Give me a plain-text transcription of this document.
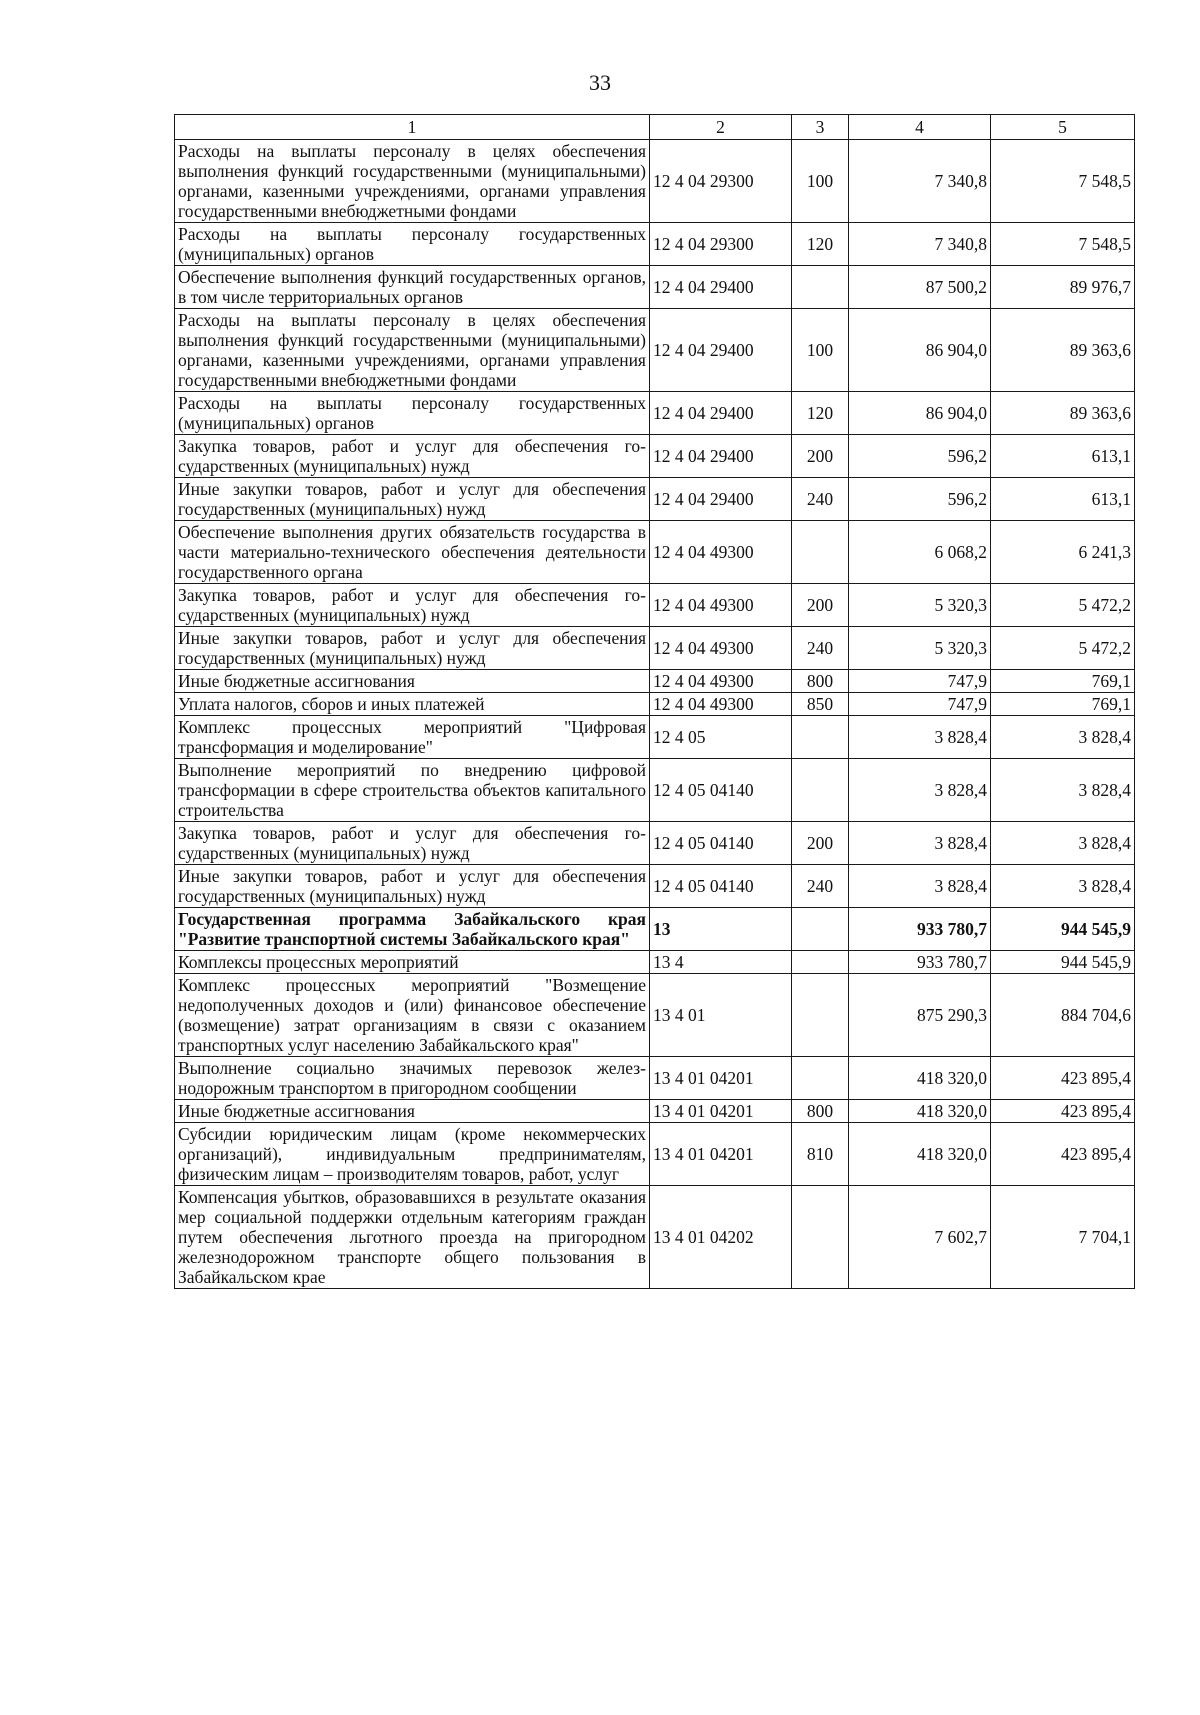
33
1	2	3	4	5
Расходы на выплаты персоналу в целях обеспечения выполнения функций государственными (муниципальными) органами, казенными учреждениями, органами управления государственными внебюджетными фондами	12 4 04 29300	100	7 340,8	7 548,5
Расходы на выплаты персоналу государственных (муниципальных) органов	12 4 04 29300	120	7 340,8	7 548,5
Обеспечение выполнения функций государственных органов, в том числе территориальных органов	12 4 04 29400		87 500,2	89 976,7
Расходы на выплаты персоналу в целях обеспечения выполнения функций государственными (муниципальными) органами, казенными учреждениями, органами управления государственными внебюджетными фондами	12 4 04 29400	100	86 904,0	89 363,6
Расходы на выплаты персоналу государственных (муниципальных) органов	12 4 04 29400	120	86 904,0	89 363,6
Закупка товаров, работ и услуг для обеспечения государственных (муниципальных) нужд	12 4 04 29400	200	596,2	613,1
Иные закупки товаров, работ и услуг для обеспечения государственных (муниципальных) нужд	12 4 04 29400	240	596,2	613,1
Обеспечение выполнения других обязательств государства в части материально-технического обеспечения деятельности государственного органа	12 4 04 49300		6 068,2	6 241,3
Закупка товаров, работ и услуг для обеспечения государственных (муниципальных) нужд	12 4 04 49300	200	5 320,3	5 472,2
Иные закупки товаров, работ и услуг для обеспечения государственных (муниципальных) нужд	12 4 04 49300	240	5 320,3	5 472,2
Иные бюджетные ассигнования	12 4 04 49300	800	747,9	769,1
Уплата налогов, сборов и иных платежей	12 4 04 49300	850	747,9	769,1
Комплекс процессных мероприятий "Цифровая трансформация и моделирование"	12 4 05		3 828,4	3 828,4
Выполнение мероприятий по внедрению цифровой трансформации в сфере строительства объектов капитального строительства	12 4 05 04140		3 828,4	3 828,4
Закупка товаров, работ и услуг для обеспечения государственных (муниципальных) нужд	12 4 05 04140	200	3 828,4	3 828,4
Иные закупки товаров, работ и услуг для обеспечения государственных (муниципальных) нужд	12 4 05 04140	240	3 828,4	3 828,4
Государственная программа Забайкальского края "Развитие транспортной системы Забайкальского края"	13		933 780,7	944 545,9
Комплексы процессных мероприятий	13 4		933 780,7	944 545,9
Комплекс процессных мероприятий "Возмещение недополученных доходов и (или) финансовое обеспечение (возмещение) затрат организациям в связи с оказанием транспортных услуг населению Забайкальского края"	13 4 01		875 290,3	884 704,6
Выполнение социально значимых перевозок железнодорожным транспортом в пригородном сообщении	13 4 01 04201		418 320,0	423 895,4
Иные бюджетные ассигнования	13 4 01 04201	800	418 320,0	423 895,4
Субсидии юридическим лицам (кроме некоммерческих организаций), индивидуальным предпринимателям, физическим лицам – производителям товаров, работ, услуг	13 4 01 04201	810	418 320,0	423 895,4
Компенсация убытков, образовавшихся в результате оказания мер социальной поддержки отдельным категориям граждан путем обеспечения льготного проезда на пригородном железнодорожном транспорте общего пользования в Забайкальском крае	13 4 01 04202		7 602,7	7 704,1
